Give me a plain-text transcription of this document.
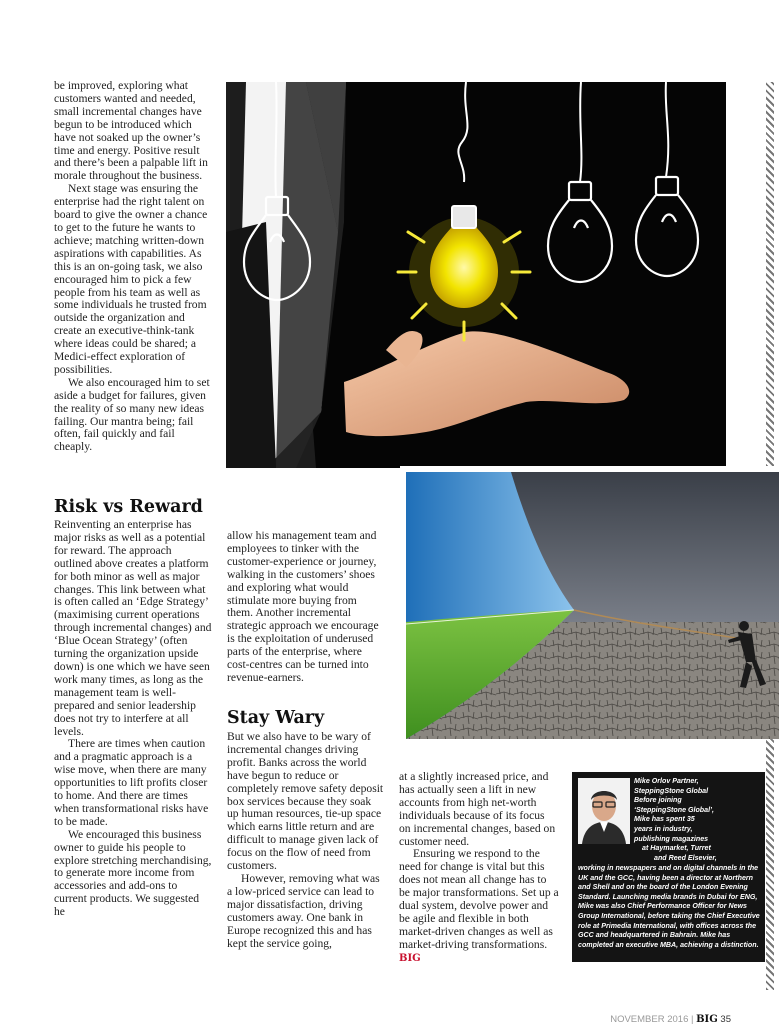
be improved, exploring what customers wanted and needed, small incremental changes have begun to be introduced which have not soaked up the owner’s time and energy. Positive result and there’s been a palpable lift in morale throughout the business.

Next stage was ensuring the enterprise had the right talent on board to give the owner a chance to get to the future he wants to achieve; matching written-down aspirations with capabilities. As this is an on-going task, we also encouraged him to pick a few people from his team as well as some individuals he trusted from outside the organization and create an executive-think-tank where ideas could be shared; a Medici-effect exploration of possibilities.

We also encouraged him to set aside a budget for failures, given the reality of so many new ideas failing. Our mantra being; fail often, fail quickly and fail cheaply.

Risk vs Reward

Reinventing an enterprise has major risks as well as a potential for reward. The approach outlined above creates a platform for both minor as well as major changes. This link between what is often called an ‘Edge Strategy’ (maximising current operations through incremental changes) and ‘Blue Ocean Strategy’ (often turning the organization upside down) is one which we have seen work many times, as long as the management team is well-prepared and senior leadership does not try to interfere at all levels.

There are times when caution and a pragmatic approach is a wise move, when there are many opportunities to lift profits closer to home. And there are times when transformational risks have to be made.

We encouraged this business owner to guide his people to explore stretching merchandising, to generate more income from accessories and add-ons to current products. We suggested he

allow his management team and employees to tinker with the customer-experience or journey, walking in the customers’ shoes and exploring what would stimulate more buying from them. Another incremental strategic approach we encourage is the exploitation of underused parts of the enterprise, where cost-centres can be turned into revenue-earners.

Stay Wary

But we also have to be wary of incremental changes driving profit. Banks across the world have begun to reduce or completely remove safety deposit box services because they soak up human resources, tie-up space which earns little return and are difficult to manage given lack of focus on the flow of need from customers.

However, removing what was a low-priced service can lead to major dissatisfaction, driving customers away. One bank in Europe recognized this and has kept the service going,

at a slightly increased price, and has actually seen a lift in new accounts from high net-worth individuals because of its focus on incremental changes, based on customer need.

Ensuring we respond to the need for change is vital but this does not mean all change has to be major transformations. Set up a dual system, devolve power and be agile and flexible in both market-driven changes as well as market-driving transformations. BIG

Mike Orlov Partner,
SteppingStone Global
Before joining
‘SteppingStone Global’,
Mike has spent 35
years in industry,
publishing magazines
at Haymarket, Turret
and Reed Elsevier,
working in newspapers and on digital channels in the UK and the GCC, having been a director at Northern and Shell and on the board of the London Evening Standard. Launching media brands in Dubai for ENG, Mike was also Chief Performance Officer for News Group International, before taking the Chief Executive role at Primedia International, with offices across the GCC and headquartered in Bahrain. Mike has completed an executive MBA, achieving a distinction.
NOVEMBER 2016 | BIG 35
